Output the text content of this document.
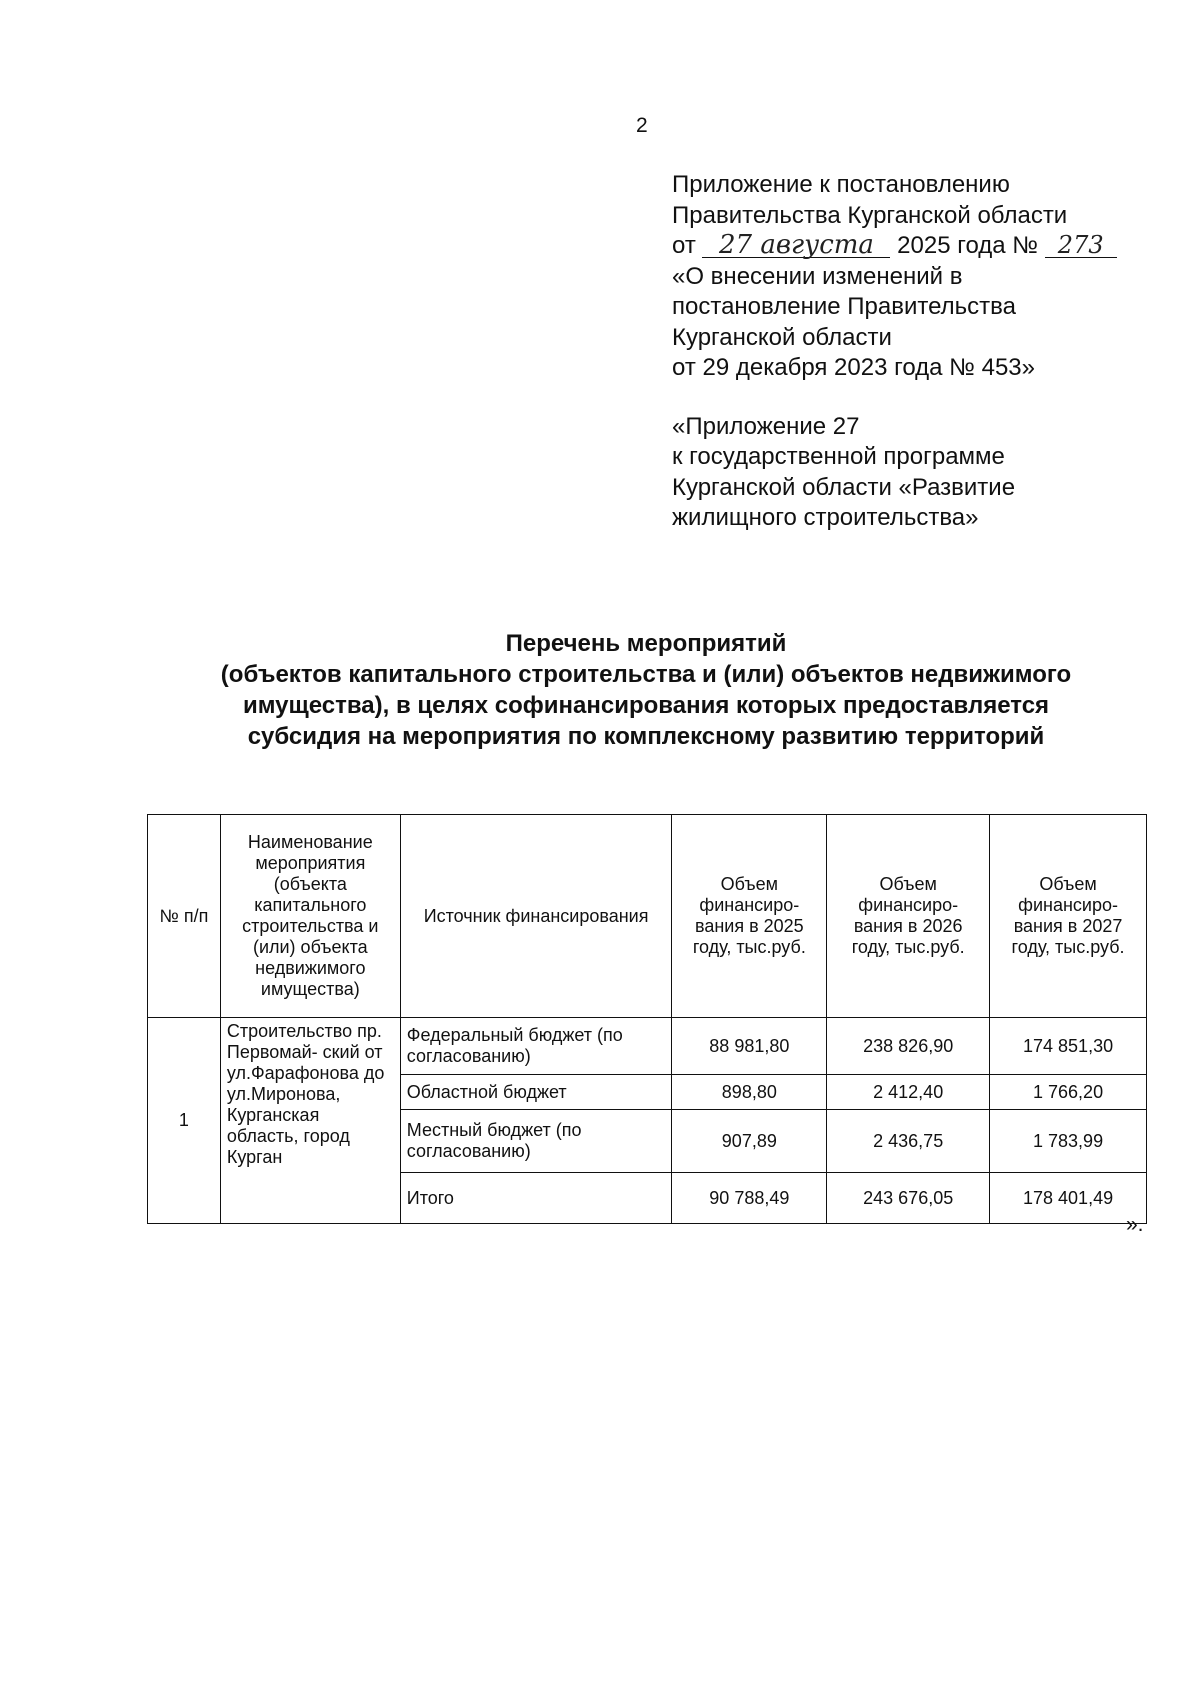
2
Приложение к постановлению
Правительства Курганской области
от 27 августа 2025 года № 273
«О внесении изменений в
постановление Правительства
Курганской области
от 29 декабря 2023 года № 453»
«Приложение 27
к государственной программе
Курганской области «Развитие
жилищного строительства»
Перечень мероприятий
(объектов капитального строительства и (или) объектов недвижимого
имущества), в целях софинансирования которых предоставляется
субсидия на мероприятия по комплексному развитию территорий
№ п/п	Наименование мероприятия (объекта капитального строительства и (или) объекта недвижимого имущества)	Источник финансирования	Объем финансиро- вания в 2025 году, тыс.руб.	Объем финансиро- вания в 2026 году, тыс.руб.	Объем финансиро- вания в 2027 году, тыс.руб.
1	Строительство пр. Первомай- ский от ул.Фарафонова до ул.Миронова, Курганская область, город Курган	Федеральный бюджет (по согласованию)	88 981,80	238 826,90	174 851,30
		Областной бюджет	898,80	2 412,40	1 766,20
		Местный бюджет (по согласованию)	907,89	2 436,75	1 783,99
		Итого	90 788,49	243 676,05	178 401,49
».
